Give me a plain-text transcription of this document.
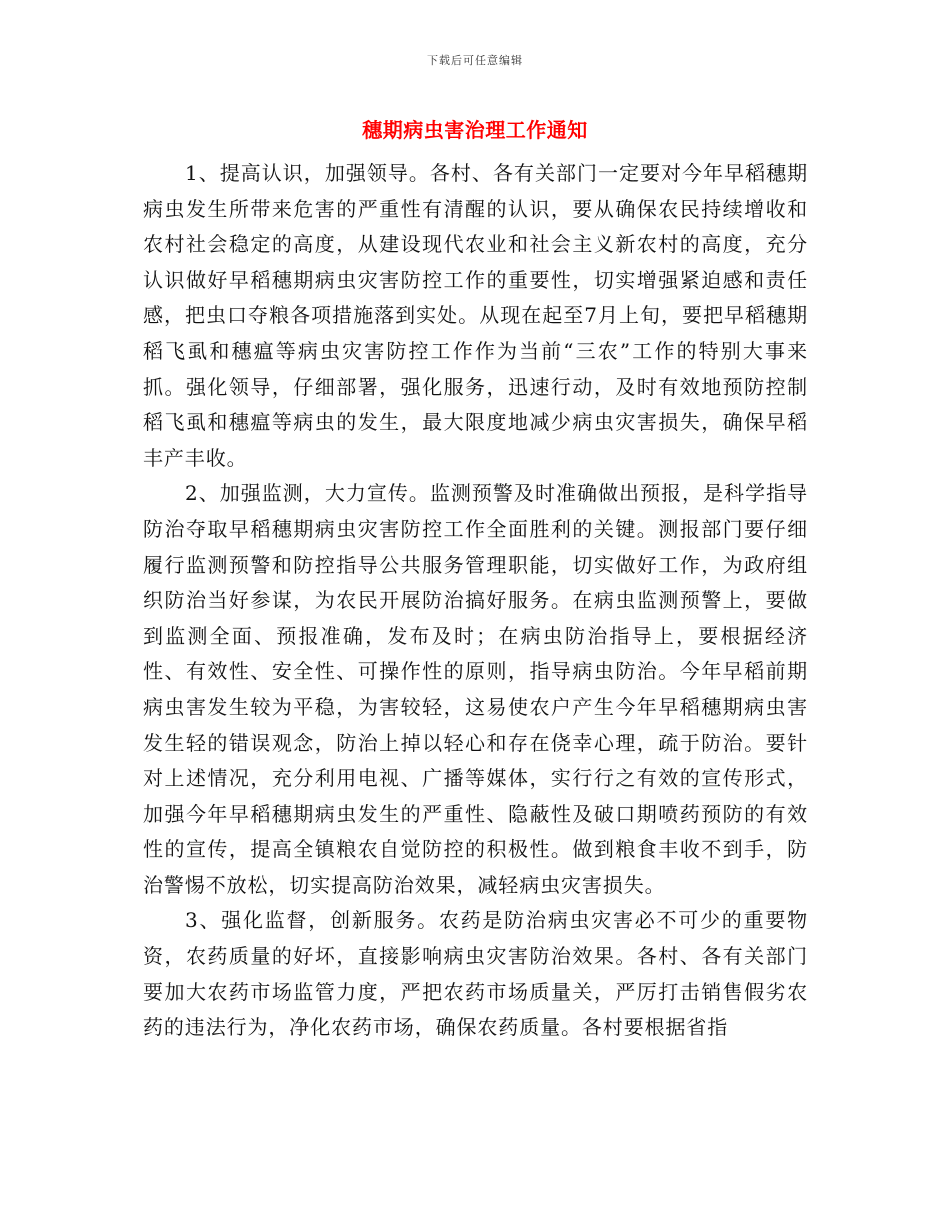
下载后可任意编辑
穗期病虫害治理工作通知

1、提高认识，加强领导。各村、各有关部门一定要对今年早稻穗期病虫发生所带来危害的严重性有清醒的认识，要从确保农民持续增收和农村社会稳定的高度，从建设现代农业和社会主义新农村的高度，充分认识做好早稻穗期病虫灾害防控工作的重要性，切实增强紧迫感和责任感，把虫口夺粮各项措施落到实处。从现在起至7月上旬，要把早稻穗期稻飞虱和穗瘟等病虫灾害防控工作作为当前“三农”工作的特别大事来抓。强化领导，仔细部署，强化服务，迅速行动，及时有效地预防控制稻飞虱和穗瘟等病虫的发生，最大限度地减少病虫灾害损失，确保早稻丰产丰收。

2、加强监测，大力宣传。监测预警及时准确做出预报，是科学指导防治夺取早稻穗期病虫灾害防控工作全面胜利的关键。测报部门要仔细履行监测预警和防控指导公共服务管理职能，切实做好工作，为政府组织防治当好参谋，为农民开展防治搞好服务。在病虫监测预警上，要做到监测全面、预报准确，发布及时；在病虫防治指导上，要根据经济性、有效性、安全性、可操作性的原则，指导病虫防治。今年早稻前期病虫害发生较为平稳，为害较轻，这易使农户产生今年早稻穗期病虫害发生轻的错误观念，防治上掉以轻心和存在侥幸心理，疏于防治。要针对上述情况，充分利用电视、广播等媒体，实行行之有效的宣传形式，加强今年早稻穗期病虫发生的严重性、隐蔽性及破口期喷药预防的有效性的宣传，提高全镇粮农自觉防控的积极性。做到粮食丰收不到手，防治警惕不放松，切实提高防治效果，减轻病虫灾害损失。

3、强化监督，创新服务。农药是防治病虫灾害必不可少的重要物资，农药质量的好坏，直接影响病虫灾害防治效果。各村、各有关部门要加大农药市场监管力度，严把农药市场质量关，严厉打击销售假劣农药的违法行为，净化农药市场，确保农药质量。各村要根据省指
